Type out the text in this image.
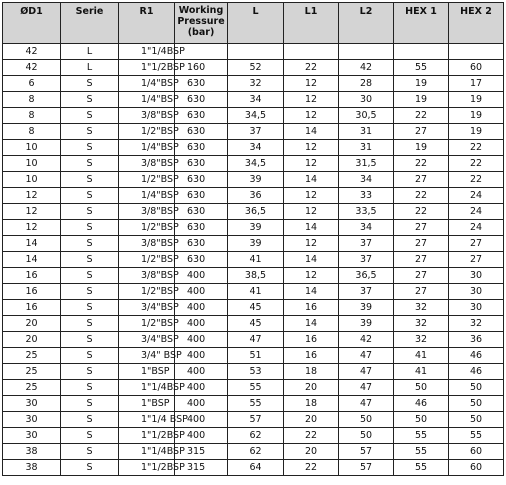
ØD1	Serie	R1	Working Pressure (bar)	L	L1	L2	HEX 1	HEX 2
42	L	1"1/4BSP						
42	L	1"1/2BSP	160	52	22	42	55	60
6	S	1/4"BSP	630	32	12	28	19	17
8	S	1/4"BSP	630	34	12	30	19	19
8	S	3/8"BSP	630	34,5	12	30,5	22	19
8	S	1/2"BSP	630	37	14	31	27	19
10	S	1/4"BSP	630	34	12	31	19	22
10	S	3/8"BSP	630	34,5	12	31,5	22	22
10	S	1/2"BSP	630	39	14	34	27	22
12	S	1/4"BSP	630	36	12	33	22	24
12	S	3/8"BSP	630	36,5	12	33,5	22	24
12	S	1/2"BSP	630	39	14	34	27	24
14	S	3/8"BSP	630	39	12	37	27	27
14	S	1/2"BSP	630	41	14	37	27	27
16	S	3/8"BSP	400	38,5	12	36,5	27	30
16	S	1/2"BSP	400	41	14	37	27	30
16	S	3/4"BSP	400	45	16	39	32	30
20	S	1/2"BSP	400	45	14	39	32	32
20	S	3/4"BSP	400	47	16	42	32	36
25	S	3/4" BSP	400	51	16	47	41	46
25	S	1"BSP	400	53	18	47	41	46
25	S	1"1/4BSP	400	55	20	47	50	50
30	S	1"BSP	400	55	18	47	46	50
30	S	1"1/4 BSP	400	57	20	50	50	50
30	S	1"1/2BSP	400	62	22	50	55	55
38	S	1"1/4BSP	315	62	20	57	55	60
38	S	1"1/2BSP	315	64	22	57	55	60
